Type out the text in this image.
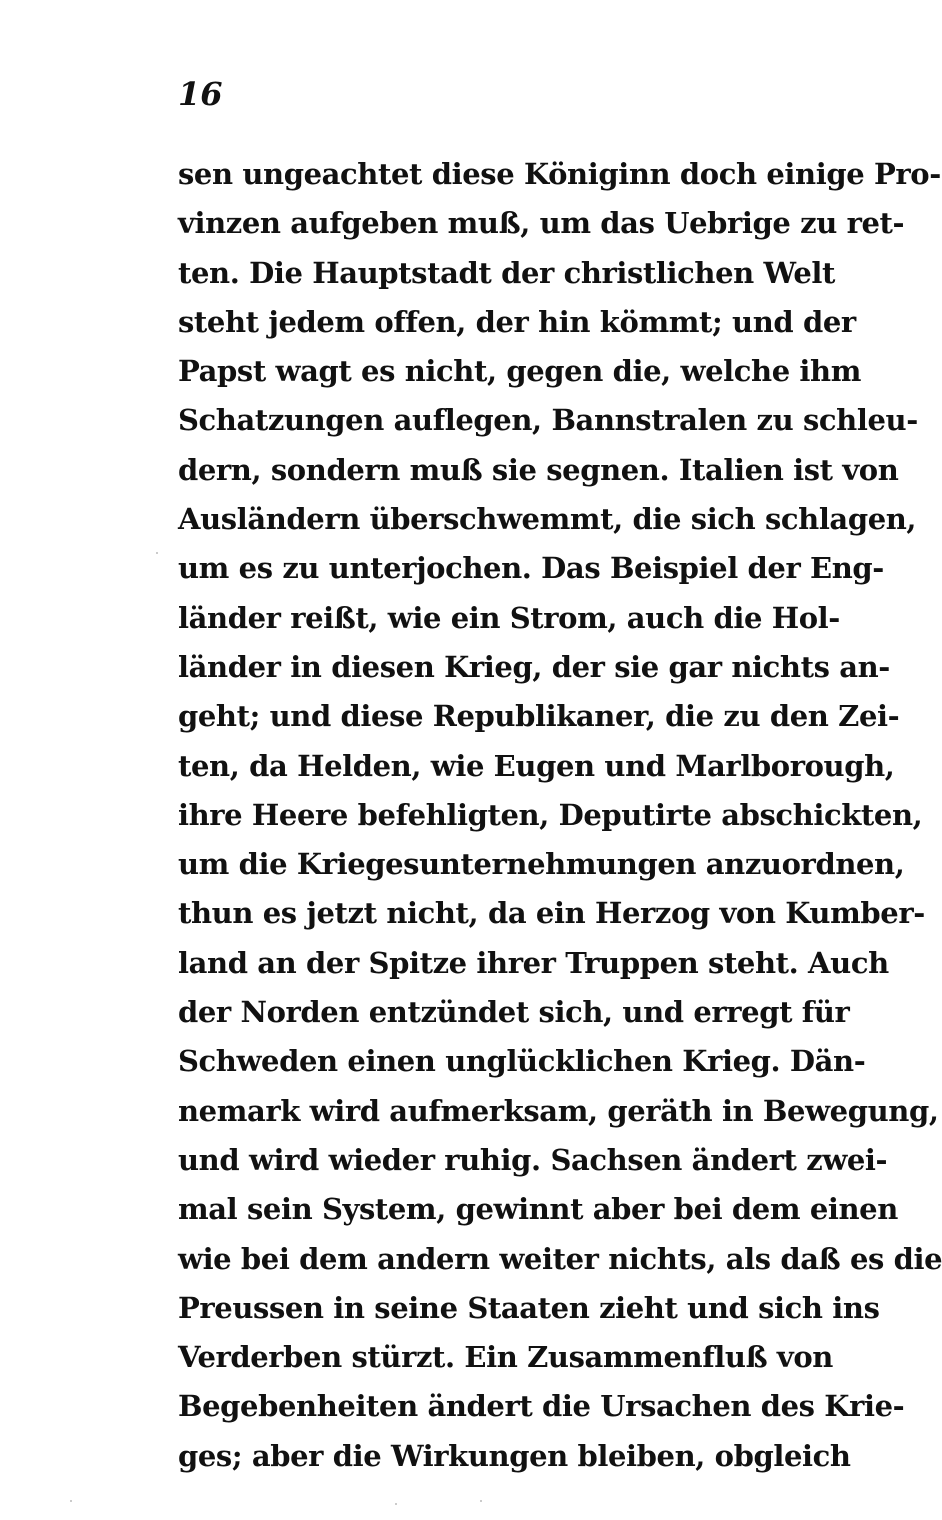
16
sen ungeachtet diese Königinn doch einige Pro-
vinzen aufgeben muß, um das Uebrige zu ret-
ten. Die Hauptstadt der christlichen Welt
steht jedem offen, der hin kömmt; und der
Papst wagt es nicht, gegen die, welche ihm
Schatzungen auflegen, Bannstralen zu schleu-
dern, sondern muß sie segnen. Italien ist von
Ausländern überschwemmt, die sich schlagen,
um es zu unterjochen. Das Beispiel der Eng-
länder reißt, wie ein Strom, auch die Hol-
länder in diesen Krieg, der sie gar nichts an-
geht; und diese Republikaner, die zu den Zei-
ten, da Helden, wie Eugen und Marlborough,
ihre Heere befehligten, Deputirte abschickten,
um die Kriegesunternehmungen anzuordnen,
thun es jetzt nicht, da ein Herzog von Kumber-
land an der Spitze ihrer Truppen steht. Auch
der Norden entzündet sich, und erregt für
Schweden einen unglücklichen Krieg. Dän-
nemark wird aufmerksam, geräth in Bewegung,
und wird wieder ruhig. Sachsen ändert zwei-
mal sein System, gewinnt aber bei dem einen
wie bei dem andern weiter nichts, als daß es die
Preussen in seine Staaten zieht und sich ins
Verderben stürzt. Ein Zusammenfluß von
Begebenheiten ändert die Ursachen des Krie-
ges; aber die Wirkungen bleiben, obgleich
